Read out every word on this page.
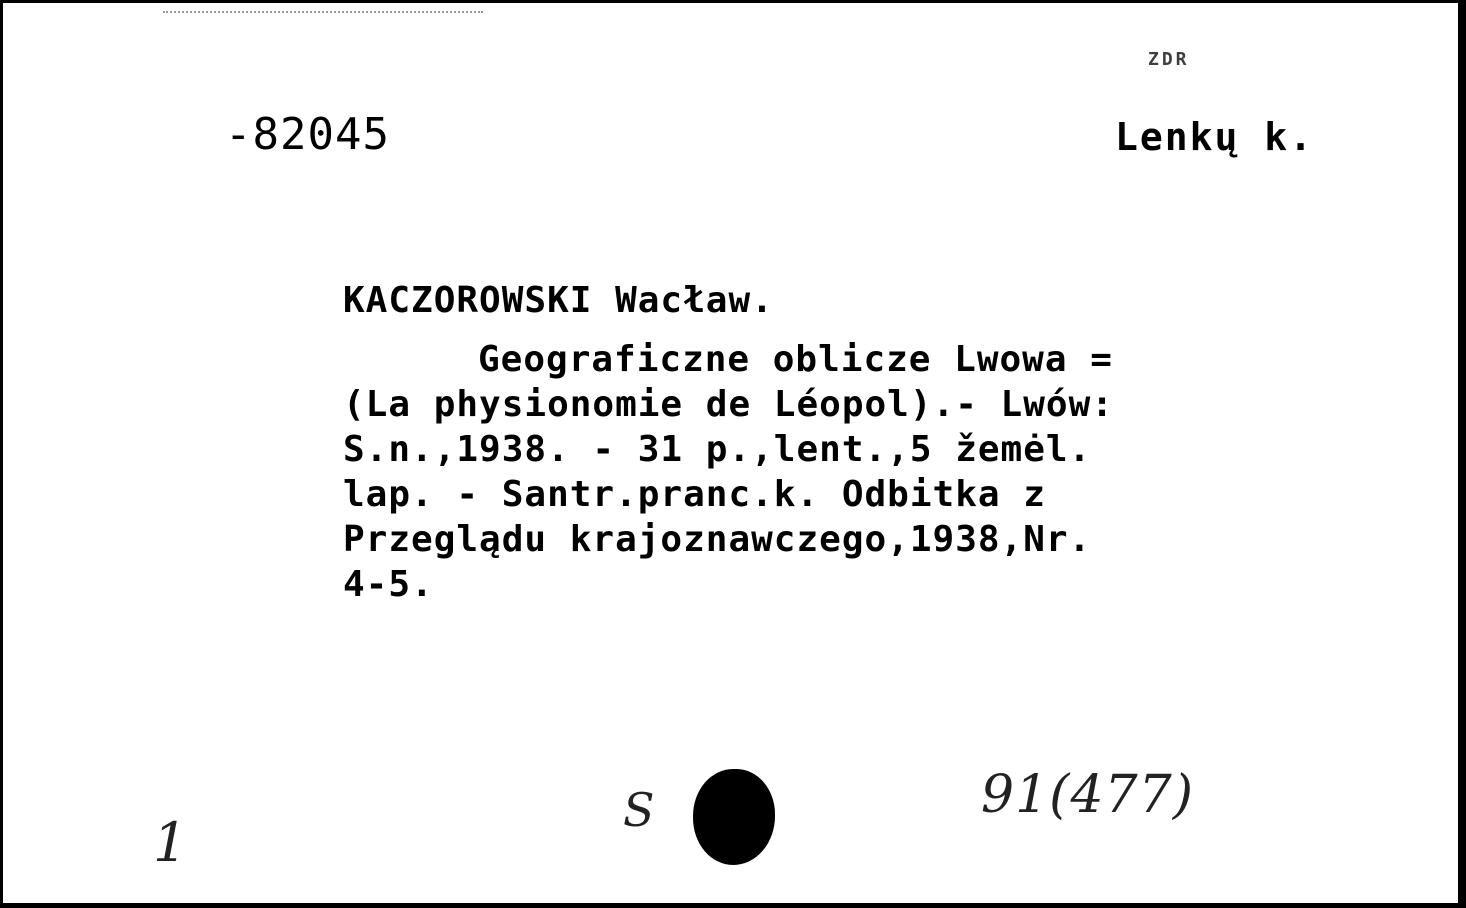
ZDR
-82045	Lenkų k.
KACZOROWSKI Wacław.
Geograficzne oblicze Lwowa =
(La physionomie de Léopol).- Lwów:
S.n.,1938. - 31 p.,lent.,5 žemėl.
lap. - Santr.pranc.k. Odbitka z
Przeglądu krajoznawczego,1938,Nr.
4-5.
1
S	91(477)
